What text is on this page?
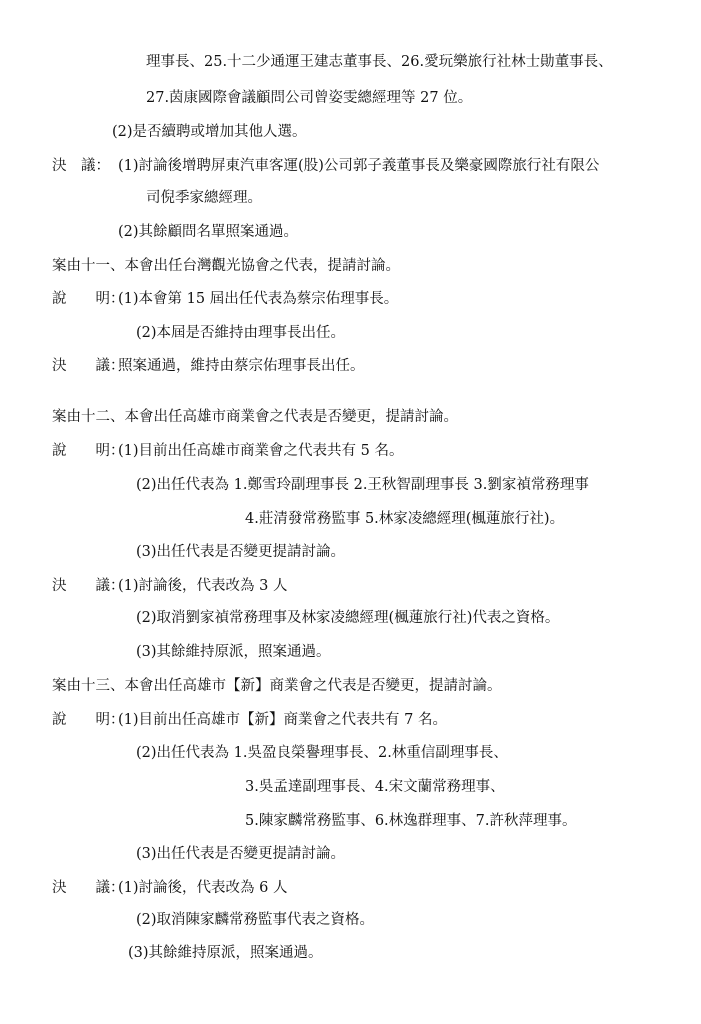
理事長、25.十二少通運王建志董事長、26.愛玩樂旅行社林士勛董事長、
27.茵康國際會議顧問公司曾姿雯總經理等 27 位。
(2)是否續聘或增加其他人選。
決　議： (1)討論後增聘屏東汽車客運(股)公司郭子義董事長及樂豪國際旅行社有限公
司倪季家總經理。
(2)其餘顧問名單照案通過。
案由十一、本會出任台灣觀光協會之代表，提請討論。
說　　明：(1)本會第 15 屆出任代表為蔡宗佑理事長。
(2)本屆是否維持由理事長出任。
決　　議：照案通過，維持由蔡宗佑理事長出任。
案由十二、本會出任高雄市商業會之代表是否變更，提請討論。
說　　明：(1)目前出任高雄市商業會之代表共有 5 名。
(2)出任代表為 1.鄭雪玲副理事長 2.王秋智副理事長 3.劉家禎常務理事
4.莊清發常務監事 5.林家凌總經理(楓蓮旅行社)。
(3)出任代表是否變更提請討論。
決　　議：(1)討論後，代表改為 3 人
(2)取消劉家禎常務理事及林家凌總經理(楓蓮旅行社)代表之資格。
(3)其餘維持原派，照案通過。
案由十三、本會出任高雄市【新】商業會之代表是否變更，提請討論。
說　　明：(1)目前出任高雄市【新】商業會之代表共有 7 名。
(2)出任代表為 1.吳盈良榮譽理事長、2.林重信副理事長、
3.吳孟達副理事長、4.宋文蘭常務理事、
5.陳家麟常務監事、6.林逸群理事、7.許秋萍理事。
(3)出任代表是否變更提請討論。
決　　議：(1)討論後，代表改為 6 人
(2)取消陳家麟常務監事代表之資格。
(3)其餘維持原派，照案通過。
